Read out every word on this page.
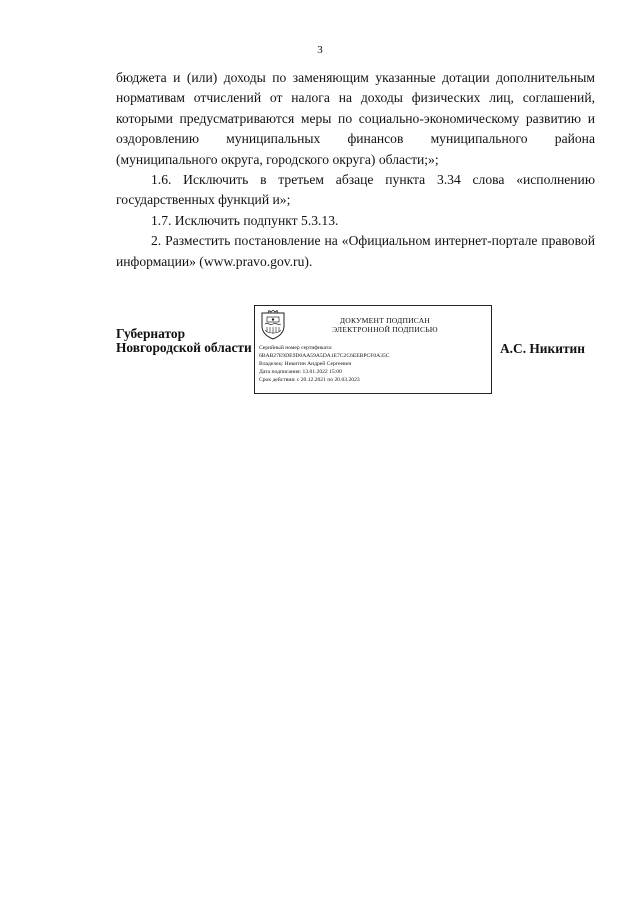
3

бюджета и (или) доходы по заменяющим указанные дотации дополнительным нормативам отчислений от налога на доходы физических лиц, соглашений, которыми предусматриваются меры по социально-экономическому развитию и оздоровлению муниципальных финансов муниципального района (муниципального округа, городского округа) области;»;

1.6. Исключить в третьем абзаце пункта 3.34 слова «исполнению государственных функций и»;

1.7. Исключить подпункт 5.3.13.

2. Разместить постановление на «Официальном интернет-портале правовой информации» (www.pravo.gov.ru).

Губернатор
Новгородской области
ДОКУМЕНТ ПОДПИСАН
ЭЛЕКТРОННОЙ ПОДПИСЬЮ
Серийный номер сертификата:
6BAB27E9DE9D0AA59A5DA1E7C2C6EEBPCF0A35C
Владелец: Никитин Андрей Сергеевич
Дата подписания: 13.01.2022 15:00
Срок действия: с 20.12.2021 по 20.03.2023
А.С. Никитин
